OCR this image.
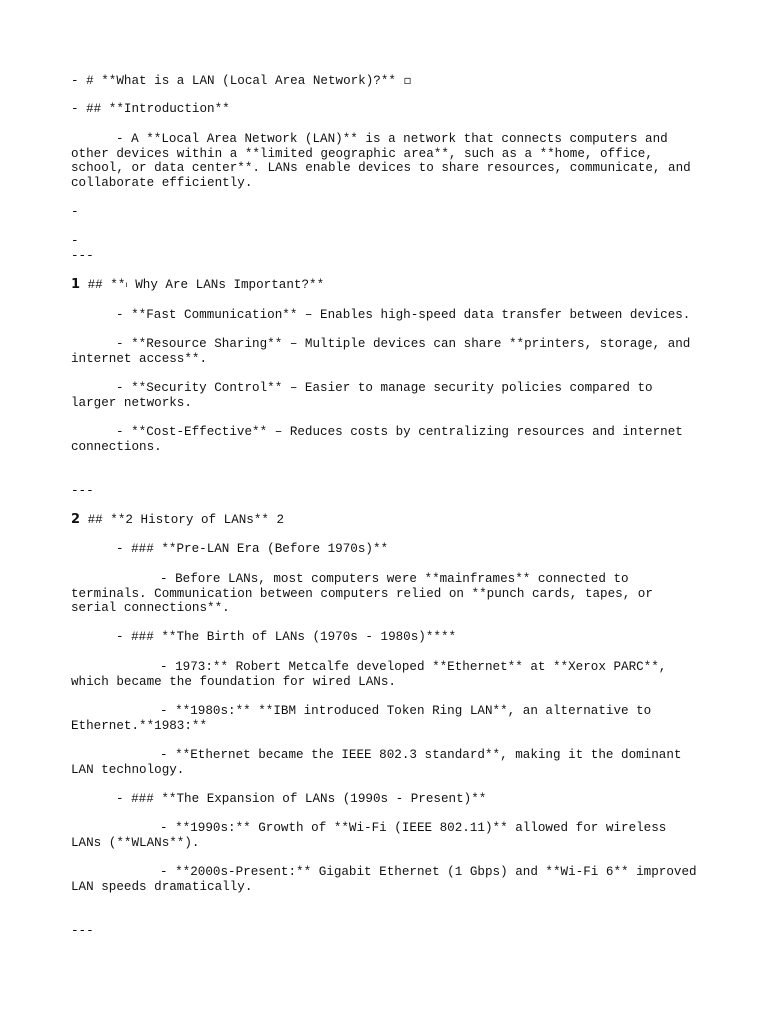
- # **What is a LAN (Local Area Network)?** ▫
- ## **Introduction**
- A **Local Area Network (LAN)** is a network that connects computers and
other devices within a **limited geographic area**, such as a **home, office,
school, or data center**. LANs enable devices to share resources, communicate, and
collaborate efficiently.
-
-
---
1 ## **ı Why Are LANs Important?**
- **Fast Communication** – Enables high-speed data transfer between devices.
- **Resource Sharing** – Multiple devices can share **printers, storage, and
internet access**.
- **Security Control** – Easier to manage security policies compared to
larger networks.
- **Cost-Effective** – Reduces costs by centralizing resources and internet
connections.
---
2 ## **2 History of LANs** 2
- ### **Pre-LAN Era (Before 1970s)**
- Before LANs, most computers were **mainframes** connected to
terminals. Communication between computers relied on **punch cards, tapes, or
serial connections**.
- ### **The Birth of LANs (1970s - 1980s)****
- 1973:** Robert Metcalfe developed **Ethernet** at **Xerox PARC**,
which became the foundation for wired LANs.
- **1980s:** **IBM introduced Token Ring LAN**, an alternative to
Ethernet.**1983:**
- **Ethernet became the IEEE 802.3 standard**, making it the dominant
LAN technology.
- ### **The Expansion of LANs (1990s - Present)**
- **1990s:** Growth of **Wi-Fi (IEEE 802.11)** allowed for wireless
LANs (**WLANs**).
- **2000s-Present:** Gigabit Ethernet (1 Gbps) and **Wi-Fi 6** improved
LAN speeds dramatically.
---
